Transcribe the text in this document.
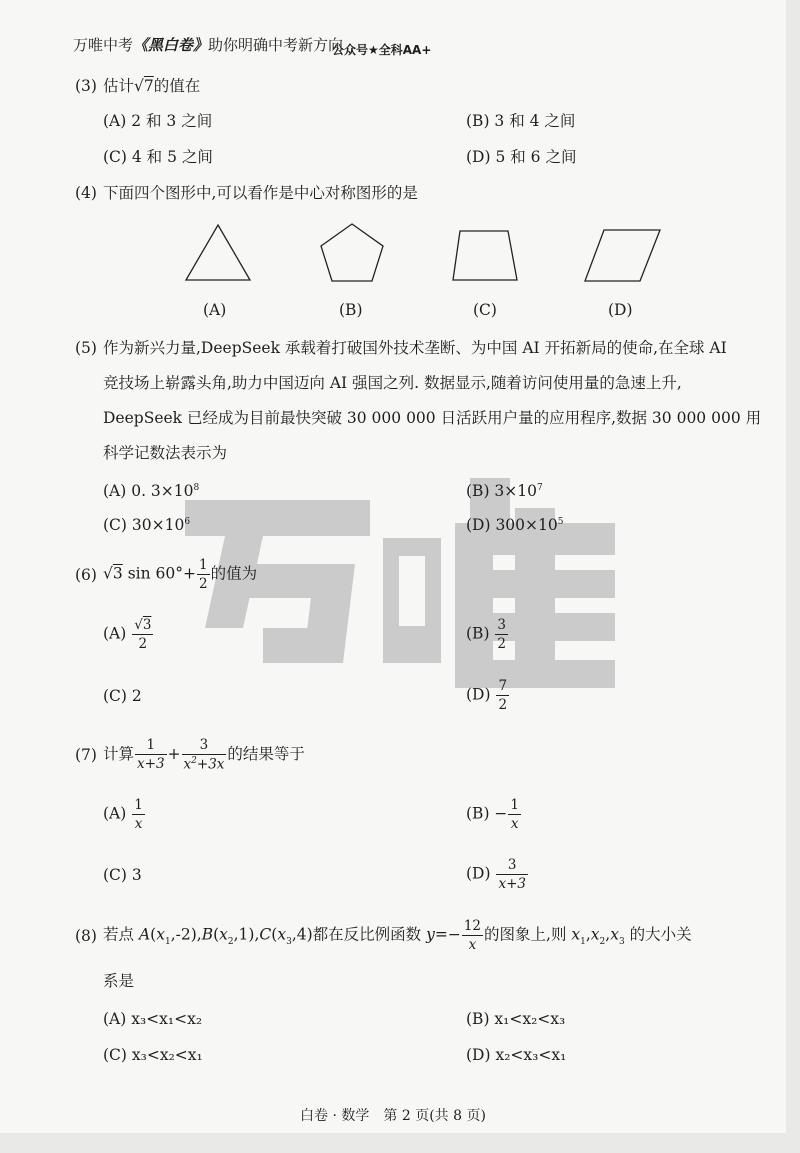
万唯
万唯中考《黑白卷》助你明确中考新方向
公众号★全科AA+
(3) 估计√7的值在
(A) 2 和 3 之间	(B) 3 和 4 之间
(C) 4 和 5 之间	(D) 5 和 6 之间
(4) 下面四个图形中,可以看作是中心对称图形的是
(A)	(B)	(C)	(D)
(5) 作为新兴力量,DeepSeek 承载着打破国外技术垄断、为中国 AI 开拓新局的使命,在全球 AI
竞技场上崭露头角,助力中国迈向 AI 强国之列. 数据显示,随着访问使用量的急速上升,
DeepSeek 已经成为目前最快突破 30 000 000 日活跃用户量的应用程序,数据 30 000 000 用
科学记数法表示为
(A) 0. $3\times 10^8$	(B) $3\times 10^7$
(C) $30\times 10^6$	(D) $300\times 10^5$
(6) √3 $\sin 60^\circ+ \frac{1}{2}$ 的值为
$(A) \frac{√3}{2}$	$(B) \frac{3}{2}$
(C) 2	$(D) \frac{7}{2}$
(7) 计算 $\frac{1}{x+3} + \frac{3}{x^2+3x}$ 的结果等于
$(A) \frac{1}{x}$	$(B) - \frac{1}{x}$
(C) 3	$(D) \frac{3}{x+3}$
(8) 若点 $A(x_1,-2),B(x_2,1),C(x_3,4)$都在反比例函数 $y=- \frac{12}{x}$ 的图象上,则 $x_1,x_2,x_3$ 的大小关
系是
(A) x₃<x₁<x₂	(B) x₁<x₂<x₃
(C) x₃<x₂<x₁	(D) x₂<x₃<x₁
白卷 · 数学　第 2 页(共 8 页)
